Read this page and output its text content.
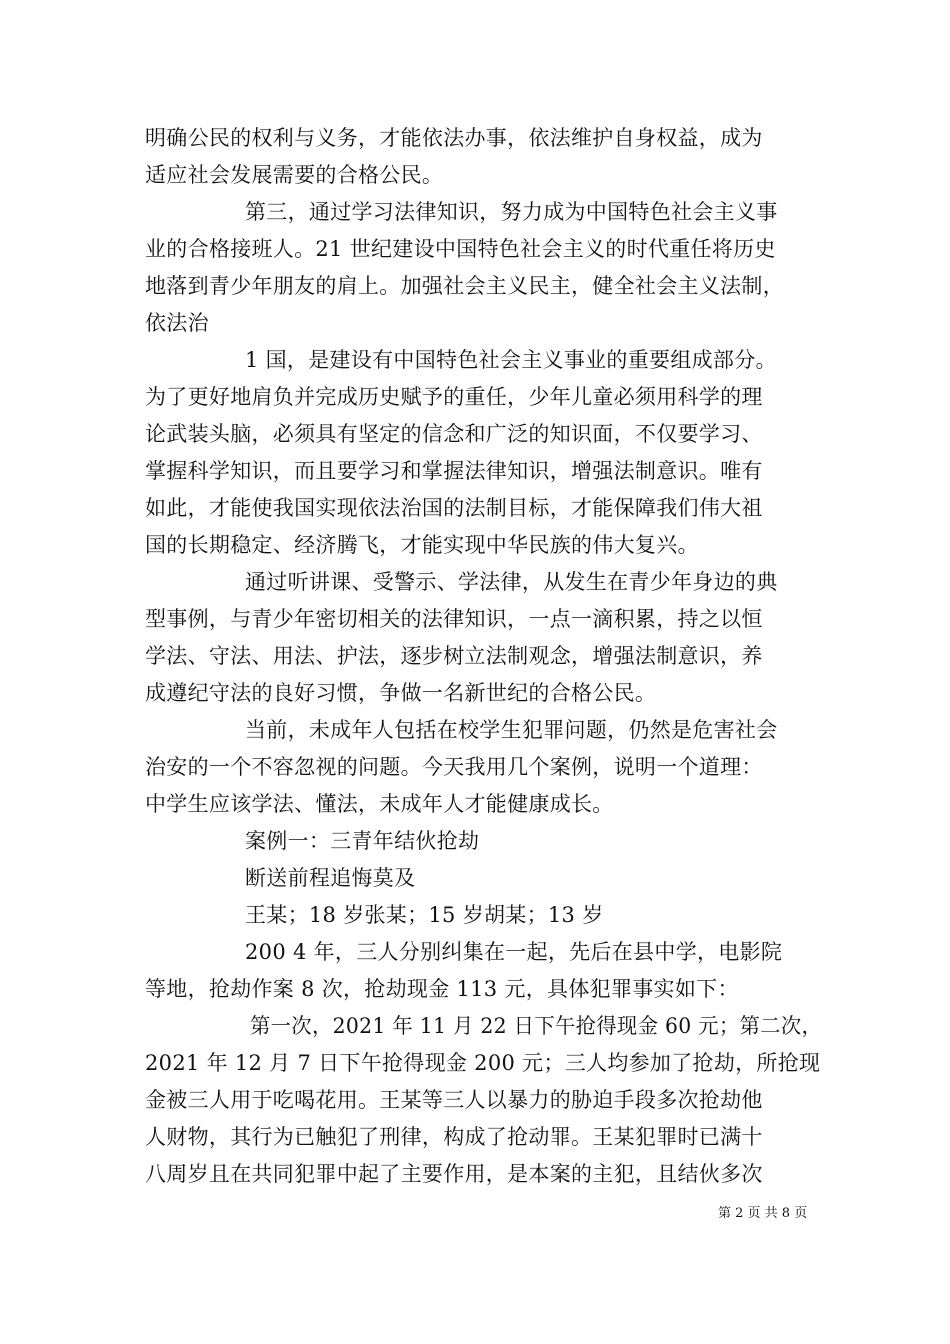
明确公民的权利与义务，才能依法办事，依法维护自身权益，成为
适应社会发展需要的合格公民。
第三，通过学习法律知识，努力成为中国特色社会主义事
业的合格接班人。21 世纪建设中国特色社会主义的时代重任将历史
地落到青少年朋友的肩上。加强社会主义民主，健全社会主义法制，
依法治
1 国，是建设有中国特色社会主义事业的重要组成部分。
为了更好地肩负并完成历史赋予的重任，少年儿童必须用科学的理
论武装头脑，必须具有坚定的信念和广泛的知识面，不仅要学习、
掌握科学知识，而且要学习和掌握法律知识，增强法制意识。唯有
如此，才能使我国实现依法治国的法制目标，才能保障我们伟大祖
国的长期稳定、经济腾飞，才能实现中华民族的伟大复兴。
通过听讲课、受警示、学法律，从发生在青少年身边的典
型事例，与青少年密切相关的法律知识，一点一滴积累，持之以恒
学法、守法、用法、护法，逐步树立法制观念，增强法制意识，养
成遵纪守法的良好习惯，争做一名新世纪的合格公民。
当前，未成年人包括在校学生犯罪问题，仍然是危害社会
治安的一个不容忽视的问题。今天我用几个案例，说明一个道理：
中学生应该学法、懂法，未成年人才能健康成长。
案例一：三青年结伙抢劫
断送前程追悔莫及
王某；18 岁张某；15 岁胡某；13 岁
200 4 年，三人分别纠集在一起，先后在县中学，电影院
等地，抢劫作案 8 次，抢劫现金 113 元，具体犯罪事实如下：
第一次，2021 年 11 月 22 日下午抢得现金 60 元；第二次，
2021 年 12 月 7 日下午抢得现金 200 元；三人均参加了抢劫，所抢现
金被三人用于吃喝花用。王某等三人以暴力的胁迫手段多次抢劫他
人财物，其行为已触犯了刑律，构成了抢动罪。王某犯罪时已满十
八周岁且在共同犯罪中起了主要作用，是本案的主犯，且结伙多次
第 2 页 共 8 页
